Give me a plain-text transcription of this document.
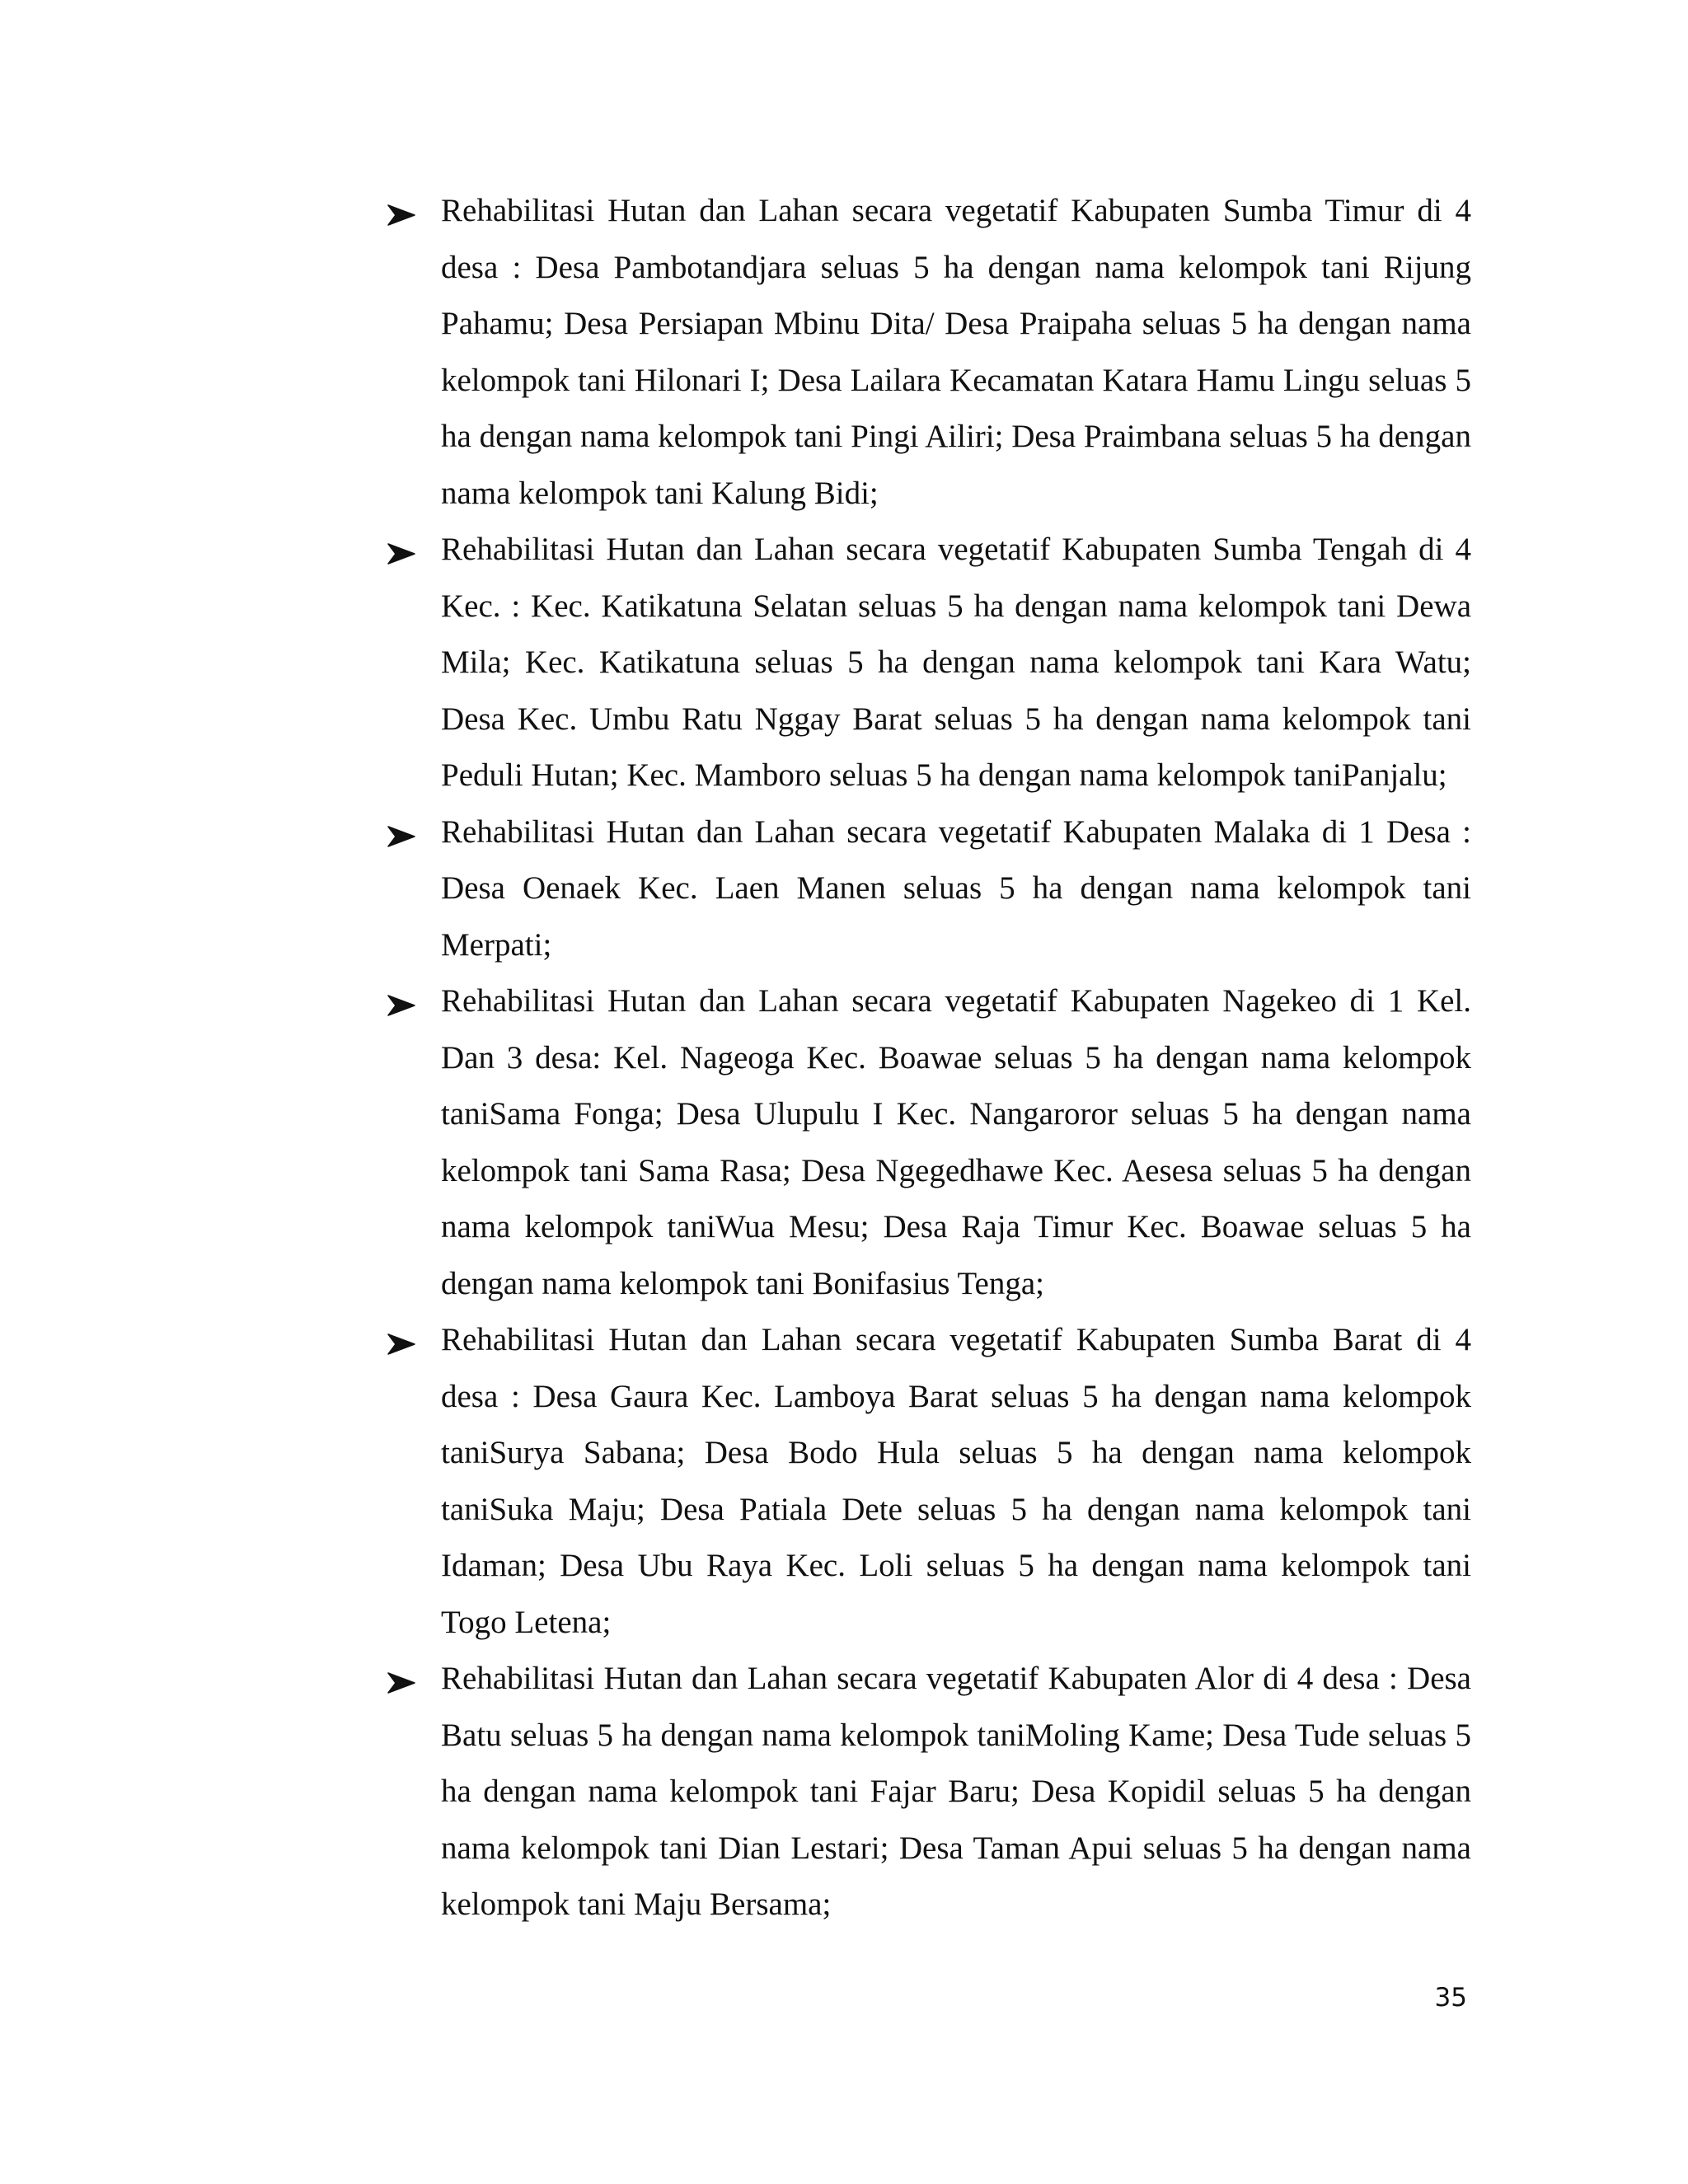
Rehabilitasi Hutan dan Lahan secara vegetatif Kabupaten Sumba Timur di 4 desa : Desa Pambotandjara seluas 5 ha dengan nama kelompok tani Rijung Pahamu; Desa Persiapan Mbinu Dita/ Desa Praipaha seluas 5 ha dengan nama kelompok tani Hilonari I; Desa Lailara Kecamatan Katara Hamu Lingu seluas 5 ha dengan nama kelompok tani Pingi Ailiri; Desa Praimbana seluas 5 ha dengan nama kelompok tani Kalung Bidi;
Rehabilitasi Hutan dan Lahan secara vegetatif Kabupaten Sumba Tengah di 4 Kec. : Kec. Katikatuna Selatan seluas 5 ha dengan nama kelompok tani Dewa Mila; Kec. Katikatuna seluas 5 ha dengan nama kelompok tani Kara Watu; Desa Kec. Umbu Ratu Nggay Barat seluas 5 ha dengan nama kelompok tani Peduli Hutan; Kec. Mamboro seluas 5 ha dengan nama kelompok taniPanjalu;
Rehabilitasi Hutan dan Lahan secara vegetatif Kabupaten Malaka di 1 Desa : Desa Oenaek Kec. Laen Manen seluas 5 ha dengan nama kelompok tani Merpati;
Rehabilitasi Hutan dan Lahan secara vegetatif Kabupaten Nagekeo di 1 Kel. Dan 3 desa: Kel. Nageoga Kec. Boawae seluas 5 ha dengan nama kelompok taniSama Fonga; Desa Ulupulu I Kec. Nangaroror seluas 5 ha dengan nama kelompok tani Sama Rasa; Desa Ngegedhawe Kec. Aesesa seluas 5 ha dengan nama kelompok taniWua Mesu; Desa Raja Timur Kec. Boawae seluas 5 ha dengan nama kelompok tani Bonifasius Tenga;
Rehabilitasi Hutan dan Lahan secara vegetatif Kabupaten Sumba Barat di 4 desa : Desa Gaura Kec. Lamboya Barat seluas 5 ha dengan nama kelompok taniSurya Sabana; Desa Bodo Hula seluas 5 ha dengan nama kelompok taniSuka Maju; Desa Patiala Dete seluas 5 ha dengan nama kelompok tani Idaman; Desa Ubu Raya Kec. Loli seluas 5 ha dengan nama kelompok tani Togo Letena;
Rehabilitasi Hutan dan Lahan secara vegetatif Kabupaten Alor di 4 desa : Desa Batu seluas 5 ha dengan nama kelompok taniMoling Kame; Desa Tude seluas 5 ha dengan nama kelompok tani Fajar Baru; Desa Kopidil seluas 5 ha dengan nama kelompok tani Dian Lestari; Desa Taman Apui seluas 5 ha dengan nama kelompok tani Maju Bersama;
35
